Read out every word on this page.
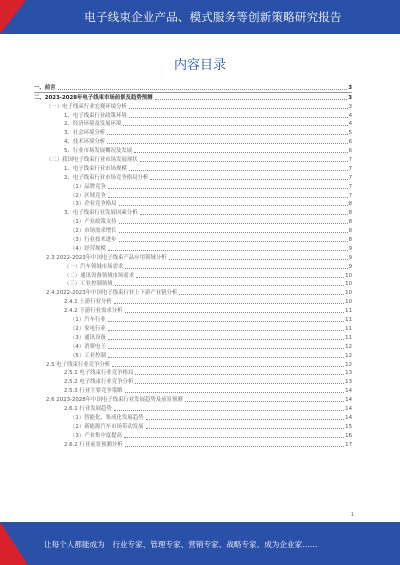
电子线束企业产品、模式服务等创新策略研究报告
内容目录
一、前言	3
二、2023-2028年电子线束市场前景及趋势预测	3
（一）电子线束行业宏观环境分析	3
1、电子线束行业政策环境	4
2、经济环境及发展环境	4
3、社会环境分析	5
4、技术环境分析	6
5、行业市场发展概况及发展	6
（二）我国电子线束行业市场发展现状	7
1、电子线束行业市场规模	7
2、电子线束行业市场竞争格局分析	7
（1）品牌竞争	7
（2）区域竞争	7
（3）企业竞争格局	8
3、电子线束行业发展因素分析	8
（1）产业政策支持	8
（2）市场需求增长	8
（3）行业技术进步	8
（4）经营规模	9
2.3 2022-2023年中国电子线束产品应用领域分析	9
（一）汽车领域市场需求	9
（二）通讯设备领域市场需求	10
（三）工业控制领域	10
2.4 2022-2023年中国电子线束行业上下游产业链分析	10
2.4.1 上游行业分析	10
2.4.2 下游行业需求分析	11
（1）汽车行业	11
（2）家电行业	11
（3）通讯设备	11
（4）消费电子	12
（5）工业控制	12
2.5 电子线束行业竞争分析	12
2.5.1 电子线束行业竞争格局	13
2.5.2 电子线束行业竞争分析	13
2.5.3 行业主要竞争策略	14
2.6 2023-2028年中国电子线束行业发展趋势及前景预测	14
2.6.1 行业发展趋势	14
（1）智能化、集成化发展趋势	14
（2）新能源汽车市场带动发展	15
（3）产业集中度提高	16
2.6.2 行业前景预测分析	17
1
让每个人都能成为　行业专家、管理专家、营销专家、战略专家、成为企业家……
